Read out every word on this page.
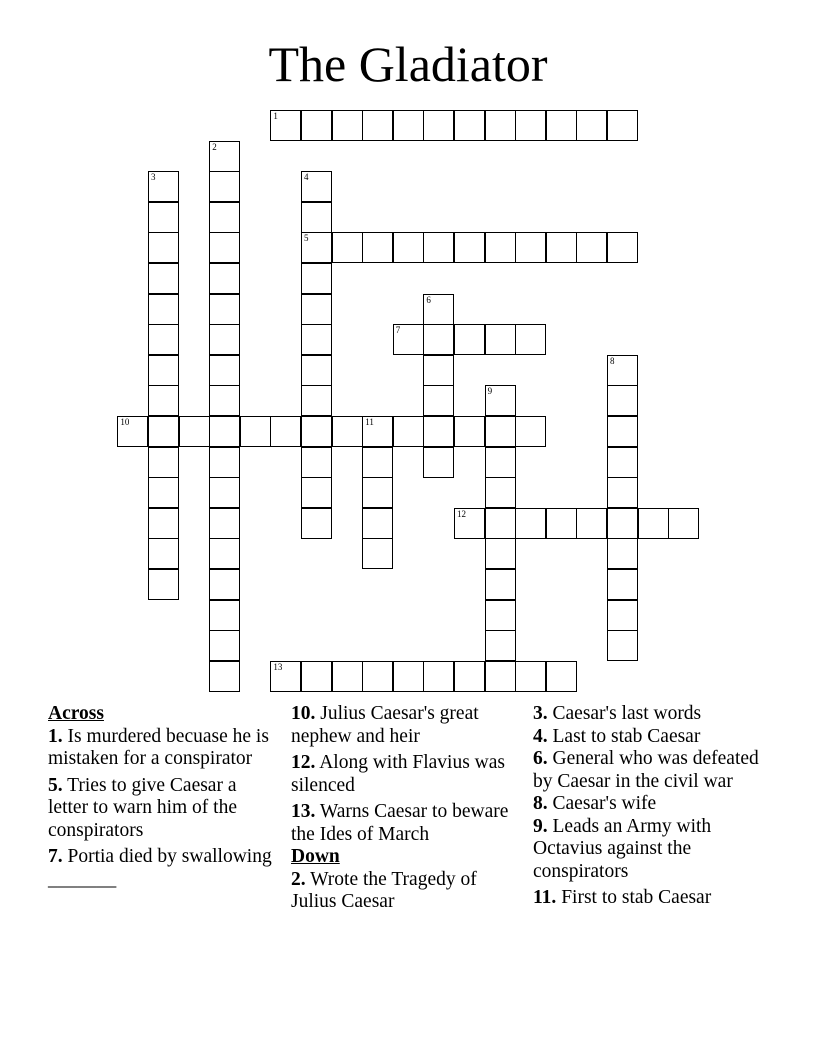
The Gladiator
1
2
3	4
5
6
7
8
9
10	11
12
13
Across
1. Is murdered becuase he is mistaken for a conspirator
5. Tries to give Caesar a letter to warn him of the conspirators
7. Portia died by swallowing _______
10. Julius Caesar's great nephew and heir
12. Along with Flavius was silenced
13. Warns Caesar to beware the Ides of March
Down
2. Wrote the Tragedy of Julius Caesar
3. Caesar's last words
4. Last to stab Caesar
6. General who was defeated by Caesar in the civil war
8. Caesar's wife
9. Leads an Army with Octavius against the conspirators
11. First to stab Caesar
